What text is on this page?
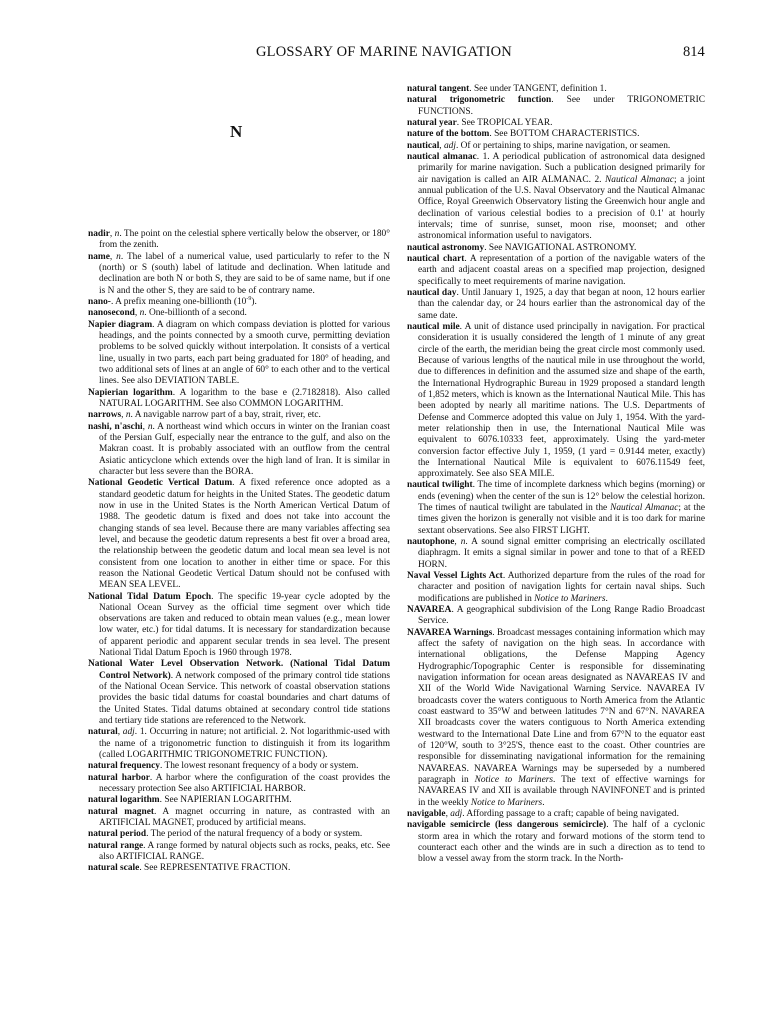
GLOSSARY OF MARINE NAVIGATION	814
N

nadir, n. The point on the celestial sphere vertically below the observer, or 180° from the zenith.

name, n. The label of a numerical value, used particularly to refer to the N (north) or S (south) label of latitude and declination. When latitude and declination are both N or both S, they are said to be of same name, but if one is N and the other S, they are said to be of contrary name.

nano-. A prefix meaning one-billionth $(10^{-9})$.

nanosecond, n. One-billionth of a second.

Napier diagram. A diagram on which compass deviation is plotted for various headings, and the points connected by a smooth curve, permitting deviation problems to be solved quickly without interpolation. It consists of a vertical line, usually in two parts, each part being graduated for 180° of heading, and two additional sets of lines at an angle of 60° to each other and to the vertical lines. See also DEVIATION TABLE.

Napierian logarithm. A logarithm to the base e (2.7182818). Also called NATURAL LOGARITHM. See also COMMON LOGARITHM.

narrows, n. A navigable narrow part of a bay, strait, river, etc.

nashi, n'aschi, n. A northeast wind which occurs in winter on the Iranian coast of the Persian Gulf, especially near the entrance to the gulf, and also on the Makran coast. It is probably associated with an outflow from the central Asiatic anticyclone which extends over the high land of Iran. It is similar in character but less severe than the BORA.

National Geodetic Vertical Datum. A fixed reference once adopted as a standard geodetic datum for heights in the United States. The geodetic datum now in use in the United States is the North American Vertical Datum of 1988. The geodetic datum is fixed and does not take into account the changing stands of sea level. Because there are many variables affecting sea level, and because the geodetic datum represents a best fit over a broad area, the relationship between the geodetic datum and local mean sea level is not consistent from one location to another in either time or space. For this reason the National Geodetic Vertical Datum should not be confused with MEAN SEA LEVEL.

National Tidal Datum Epoch. The specific 19-year cycle adopted by the National Ocean Survey as the official time segment over which tide observations are taken and reduced to obtain mean values (e.g., mean lower low water, etc.) for tidal datums. It is necessary for standardization because of apparent periodic and apparent secular trends in sea level. The present National Tidal Datum Epoch is 1960 through 1978.

National Water Level Observation Network. (National Tidal Datum Control Network). A network composed of the primary control tide stations of the National Ocean Service. This network of coastal observation stations provides the basic tidal datums for coastal boundaries and chart datums of the United States. Tidal datums obtained at secondary control tide stations and tertiary tide stations are referenced to the Network.

natural, adj. 1. Occurring in nature; not artificial. 2. Not logarithmic-used with the name of a trigonometric function to distinguish it from its logarithm (called LOGARITHMIC TRIGONOMETRIC FUNCTION).

natural frequency. The lowest resonant frequency of a body or system.

natural harbor. A harbor where the configuration of the coast provides the necessary protection See also ARTIFICIAL HARBOR.

natural logarithm. See NAPIERIAN LOGARITHM.

natural magnet. A magnet occurring in nature, as contrasted with an ARTIFICIAL MAGNET, produced by artificial means.

natural period. The period of the natural frequency of a body or system.

natural range. A range formed by natural objects such as rocks, peaks, etc. See also ARTIFICIAL RANGE.

natural scale. See REPRESENTATIVE FRACTION.

natural tangent. See under TANGENT, definition 1.

natural trigonometric function. See under TRIGONOMETRIC FUNCTIONS.

natural year. See TROPICAL YEAR.

nature of the bottom. See BOTTOM CHARACTERISTICS.

nautical, adj. Of or pertaining to ships, marine navigation, or seamen.

nautical almanac. 1. A periodical publication of astronomical data designed primarily for marine navigation. Such a publication designed primarily for air navigation is called an AIR ALMANAC. 2. Nautical Almanac; a joint annual publication of the U.S. Naval Observatory and the Nautical Almanac Office, Royal Greenwich Observatory listing the Greenwich hour angle and declination of various celestial bodies to a precision of 0.1' at hourly intervals; time of sunrise, sunset, moon rise, moonset; and other astronomical information useful to navigators.

nautical astronomy. See NAVIGATIONAL ASTRONOMY.

nautical chart. A representation of a portion of the navigable waters of the earth and adjacent coastal areas on a specified map projection, designed specifically to meet requirements of marine navigation.

nautical day. Until January 1, 1925, a day that began at noon, 12 hours earlier than the calendar day, or 24 hours earlier than the astronomical day of the same date.

nautical mile. A unit of distance used principally in navigation. For practical consideration it is usually considered the length of 1 minute of any great circle of the earth, the meridian being the great circle most commonly used. Because of various lengths of the nautical mile in use throughout the world, due to differences in definition and the assumed size and shape of the earth, the International Hydrographic Bureau in 1929 proposed a standard length of 1,852 meters, which is known as the International Nautical Mile. This has been adopted by nearly all maritime nations. The U.S. Departments of Defense and Commerce adopted this value on July 1, 1954. With the yard-meter relationship then in use, the International Nautical Mile was equivalent to 6076.10333 feet, approximately. Using the yard-meter conversion factor effective July 1, 1959, (1 yard = 0.9144 meter, exactly) the International Nautical Mile is equivalent to 6076.11549 feet, approximately. See also SEA MILE.

nautical twilight. The time of incomplete darkness which begins (morning) or ends (evening) when the center of the sun is 12° below the celestial horizon. The times of nautical twilight are tabulated in the Nautical Almanac; at the times given the horizon is generally not visible and it is too dark for marine sextant observations. See also FIRST LIGHT.

nautophone, n. A sound signal emitter comprising an electrically oscillated diaphragm. It emits a signal similar in power and tone to that of a REED HORN.

Naval Vessel Lights Act. Authorized departure from the rules of the road for character and position of navigation lights for certain naval ships. Such modifications are published in Notice to Mariners.

NAVAREA. A geographical subdivision of the Long Range Radio Broadcast Service.

NAVAREA Warnings. Broadcast messages containing information which may affect the safety of navigation on the high seas. In accordance with international obligations, the Defense Mapping Agency Hydrographic/Topographic Center is responsible for disseminating navigation information for ocean areas designated as NAVAREAS IV and XII of the World Wide Navigational Warning Service. NAVAREA IV broadcasts cover the waters contiguous to North America from the Atlantic coast eastward to 35°W and between latitudes 7°N and 67°N. NAVAREA XII broadcasts cover the waters contiguous to North America extending westward to the International Date Line and from 67°N to the equator east of 120°W, south to 3°25'S, thence east to the coast. Other countries are responsible for disseminating navigational information for the remaining NAVAREAS. NAVAREA Warnings may be superseded by a numbered paragraph in Notice to Mariners. The text of effective warnings for NAVAREAS IV and XII is available through NAVINFONET and is printed in the weekly Notice to Mariners.

navigable, adj. Affording passage to a craft; capable of being navigated.

navigable semicircle (less dangerous semicircle). The half of a cyclonic storm area in which the rotary and forward motions of the storm tend to counteract each other and the winds are in such a direction as to tend to blow a vessel away from the storm track. In the North-
